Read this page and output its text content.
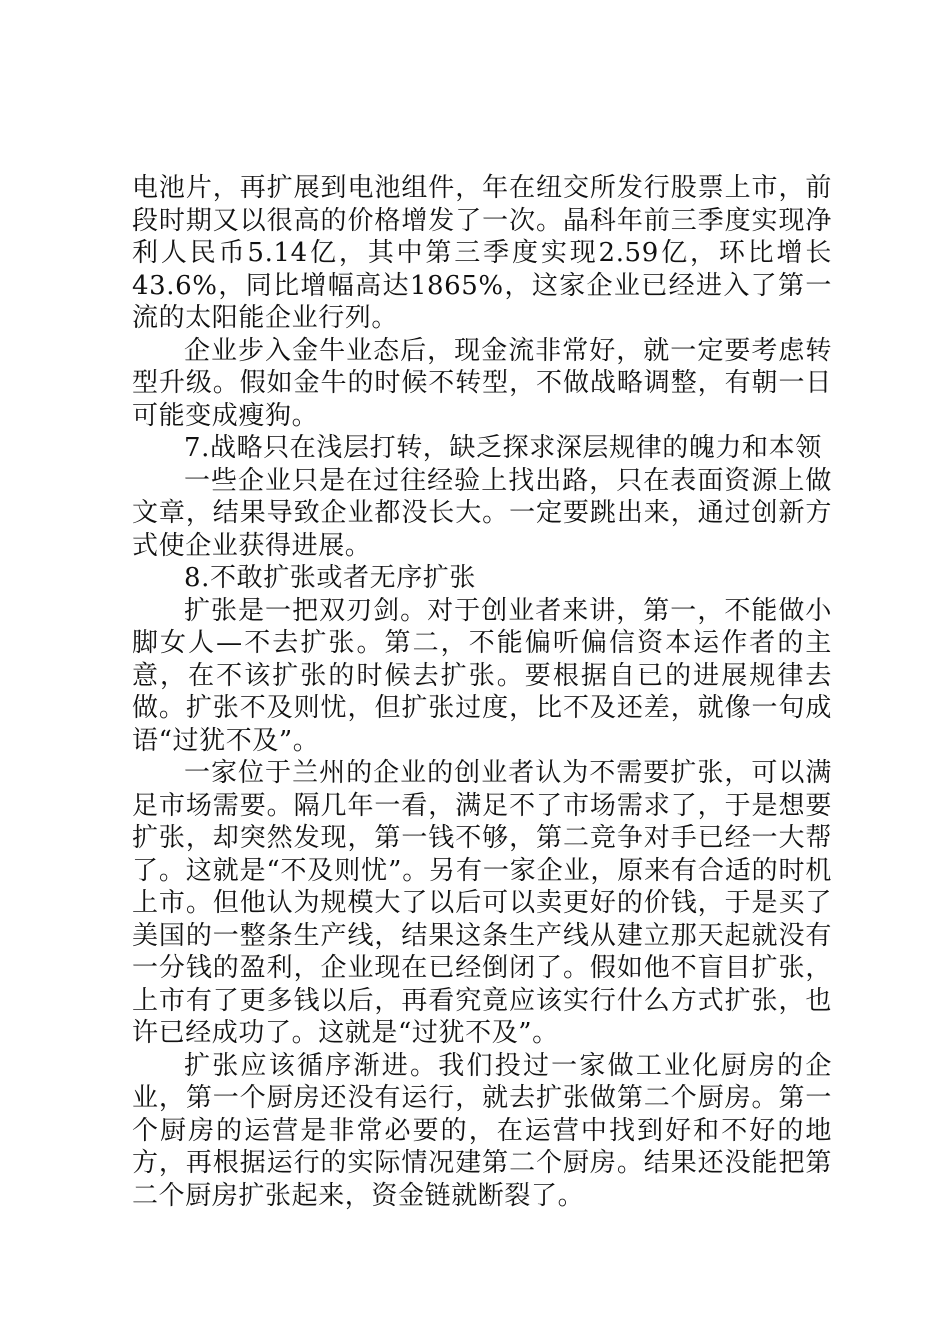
电池片，再扩展到电池组件，年在纽交所发行股票上市，前段时期又以很高的价格增发了一次。晶科年前三季度实现净利人民币5.14亿，其中第三季度实现2.59亿，环比增长43.6%，同比增幅高达1865%，这家企业已经进入了第一流的太阳能企业行列。

企业步入金牛业态后，现金流非常好，就一定要考虑转型升级。假如金牛的时候不转型，不做战略调整，有朝一日可能变成瘦狗。

7.战略只在浅层打转，缺乏探求深层规律的魄力和本领

一些企业只是在过往经验上找出路，只在表面资源上做文章，结果导致企业都没长大。一定要跳出来，通过创新方式使企业获得进展。

8.不敢扩张或者无序扩张

扩张是一把双刃剑。对于创业者来讲，第一，不能做小脚女人—不去扩张。第二，不能偏听偏信资本运作者的主意，在不该扩张的时候去扩张。要根据自已的进展规律去做。扩张不及则忧，但扩张过度，比不及还差，就像一句成语“过犹不及”。

一家位于兰州的企业的创业者认为不需要扩张，可以满足市场需要。隔几年一看，满足不了市场需求了，于是想要扩张，却突然发现，第一钱不够，第二竞争对手已经一大帮了。这就是“不及则忧”。另有一家企业，原来有合适的时机上市。但他认为规模大了以后可以卖更好的价钱，于是买了美国的一整条生产线，结果这条生产线从建立那天起就没有一分钱的盈利，企业现在已经倒闭了。假如他不盲目扩张，上市有了更多钱以后，再看究竟应该实行什么方式扩张，也许已经成功了。这就是“过犹不及”。

扩张应该循序渐进。我们投过一家做工业化厨房的企业，第一个厨房还没有运行，就去扩张做第二个厨房。第一个厨房的运营是非常必要的，在运营中找到好和不好的地方，再根据运行的实际情况建第二个厨房。结果还没能把第二个厨房扩张起来，资金链就断裂了。
